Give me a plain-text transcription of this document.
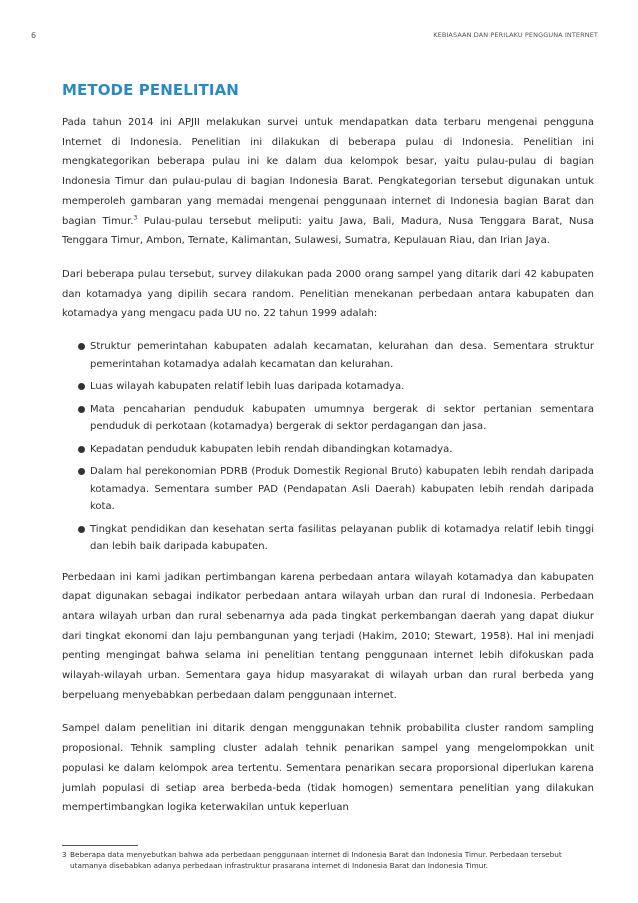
6	KEBIASAAN DAN PERILAKU PENGGUNA INTERNET
METODE PENELITIAN

Pada tahun 2014 ini APJII melakukan survei untuk mendapatkan data terbaru mengenai pengguna Internet di Indonesia. Penelitian ini dilakukan di beberapa pulau di Indonesia. Penelitian ini mengkategorikan beberapa pulau ini ke dalam dua kelompok besar, yaitu pulau-pulau di bagian Indonesia Timur dan pulau-pulau di bagian Indonesia Barat. Pengkategorian tersebut digunakan untuk memperoleh gambaran yang memadai mengenai penggunaan internet di Indonesia bagian Barat dan bagian Timur.$^3$ Pulau-pulau tersebut meliputi: yaitu Jawa, Bali, Madura, Nusa Tenggara Barat, Nusa Tenggara Timur, Ambon, Ternate, Kalimantan, Sulawesi, Sumatra, Kepulauan Riau, dan Irian Jaya.

Dari beberapa pulau tersebut, survey dilakukan pada 2000 orang sampel yang ditarik dari 42 kabupaten dan kotamadya yang dipilih secara random. Penelitian menekanan perbedaan antara kabupaten dan kotamadya yang mengacu pada UU no. 22 tahun 1999 adalah:

Struktur pemerintahan kabupaten adalah kecamatan, kelurahan dan desa. Sementara struktur pemerintahan kotamadya adalah kecamatan dan kelurahan.
Luas wilayah kabupaten relatif lebih luas daripada kotamadya.
Mata pencaharian penduduk kabupaten umumnya bergerak di sektor pertanian sementara penduduk di perkotaan (kotamadya) bergerak di sektor perdagangan dan jasa.
Kepadatan penduduk kabupaten lebih rendah dibandingkan kotamadya.
Dalam hal perekonomian PDRB (Produk Domestik Regional Bruto) kabupaten lebih rendah daripada kotamadya. Sementara sumber PAD (Pendapatan Asli Daerah) kabupaten lebih rendah daripada kota.
Tingkat pendidikan dan kesehatan serta fasilitas pelayanan publik di kotamadya relatif lebih tinggi dan lebih baik daripada kabupaten.

Perbedaan ini kami jadikan pertimbangan karena perbedaan antara wilayah kotamadya dan kabupaten dapat digunakan sebagai indikator perbedaan antara wilayah urban dan rural di Indonesia. Perbedaan antara wilayah urban dan rural sebenarnya ada pada tingkat perkembangan daerah yang dapat diukur dari tingkat ekonomi dan laju pembangunan yang terjadi (Hakim, 2010; Stewart, 1958). Hal ini menjadi penting mengingat bahwa selama ini penelitian tentang penggunaan internet lebih difokuskan pada wilayah-wilayah urban. Sementara gaya hidup masyarakat di wilayah urban dan rural berbeda yang berpeluang menyebabkan perbedaan dalam penggunaan internet.

Sampel dalam penelitian ini ditarik dengan menggunakan tehnik probabilita cluster random sampling proposional. Tehnik sampling cluster adalah tehnik penarikan sampel yang mengelompokkan unit populasi ke dalam kelompok area tertentu. Sementara penarikan secara proporsional diperlukan karena jumlah populasi di setiap area berbeda-beda (tidak homogen) sementara penelitian yang dilakukan mempertimbangkan logika keterwakilan untuk keperluan

3 Beberapa data menyebutkan bahwa ada perbedaan penggunaan internet di Indonesia Barat dan Indonesia Timur. Perbedaan tersebut utamanya disebabkan adanya perbedaan infrastruktur prasarana internet di Indonesia Barat dan Indonesia Timur.
